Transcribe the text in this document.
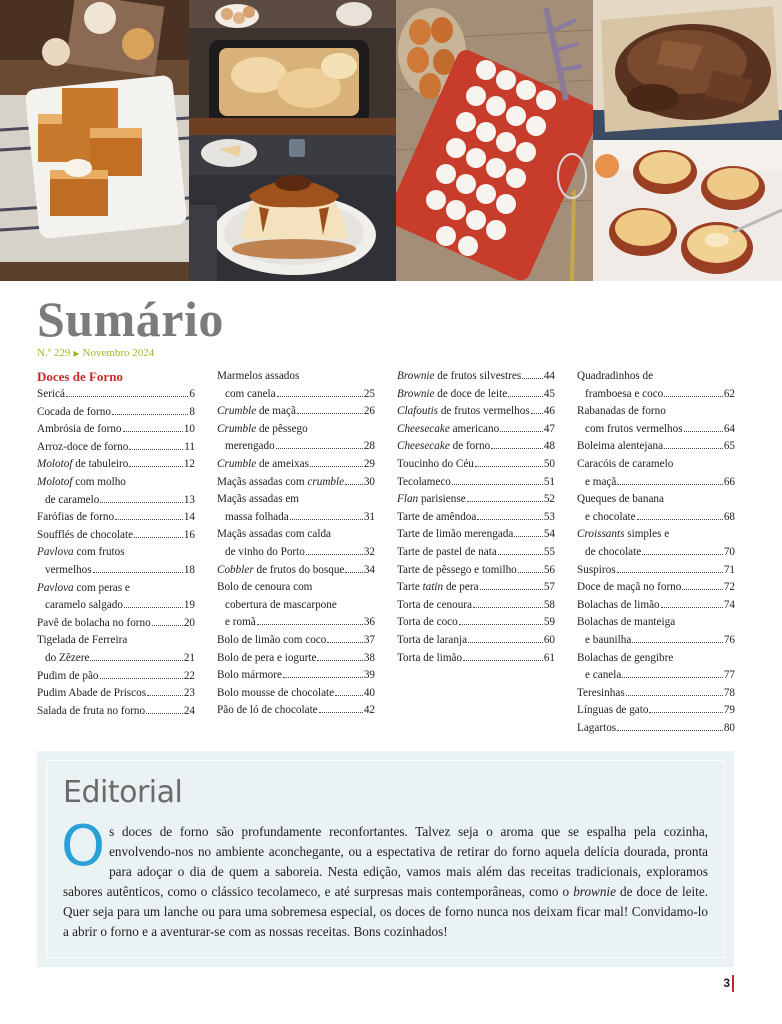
Sumário
N.º 229 ▶ Novembro 2024
Doces de Forno
Sericá	6
Cocada de forno	8
Ambrósia de forno	10
Arroz-doce de forno	11
Molotof de tabuleiro	12
Molotof com molho
de caramelo	13
Farófias de forno	14
Soufflés de chocolate	16
Pavlova com frutos
vermelhos	18
Pavlova com peras e
caramelo salgado	19
Pavê de bolacha no forno	20
Tigelada de Ferreira
do Zêzere	21
Pudim de pão	22
Pudim Abade de Priscos	23
Salada de fruta no forno	24
Marmelos assados
com canela	25
Crumble de maçã	26
Crumble de pêssego
merengado	28
Crumble de ameixas	29
Maçãs assadas com crumble 30
Maçãs assadas em
massa folhada	31
Maçãs assadas com calda
de vinho do Porto	32
Cobbler de frutos do bosque 34
Bolo de cenoura com
cobertura de mascarpone
e romã	36
Bolo de limão com coco	37
Bolo de pera e iogurte	38
Bolo mármore	39
Bolo mousse de chocolate	40
Pão de ló de chocolate	42
Brownie de frutos silvestres 44
Brownie de doce de leite	45
Clafoutis de frutos vermelhos 46
Cheesecake americano	47
Cheesecake de forno	48
Toucinho do Céu	50
Tecolameco	51
Flan parisiense	52
Tarte de amêndoa	53
Tarte de limão merengada	54
Tarte de pastel de nata	55
Tarte de pêssego e tomilho 56
Tarte tatin de pera	57
Torta de cenoura	58
Torta de coco	59
Torta de laranja	60
Torta de limão	61
Quadradinhos de
framboesa e coco	62
Rabanadas de forno
com frutos vermelhos	64
Boleima alentejana	65
Caracóis de caramelo
e maçã	66
Queques de banana
e chocolate	68
Croissants simples e
de chocolate	70
Suspiros	71
Doce de maçã no forno	72
Bolachas de limão	74
Bolachas de manteiga
e baunilha	76
Bolachas de gengibre
e canela	77
Teresinhas	78
Línguas de gato	79
Lagartos	80
Editorial

Os doces de forno são profundamente reconfortantes. Talvez seja o aroma que se espalha pela cozinha, envolvendo-nos no ambiente aconchegante, ou a espectativa de retirar do forno aquela delícia dourada, pronta para adoçar o dia de quem a saboreia. Nesta edição, vamos mais além das receitas tradicionais, exploramos sabores autênticos, como o clássico tecolameco, e até surpresas mais contemporâneas, como o brownie de doce de leite. Quer seja para um lanche ou para uma sobremesa especial, os doces de forno nunca nos deixam ficar mal! Convidamo-lo a abrir o forno e a aventurar-se com as nossas receitas. Bons cozinhados!

3
